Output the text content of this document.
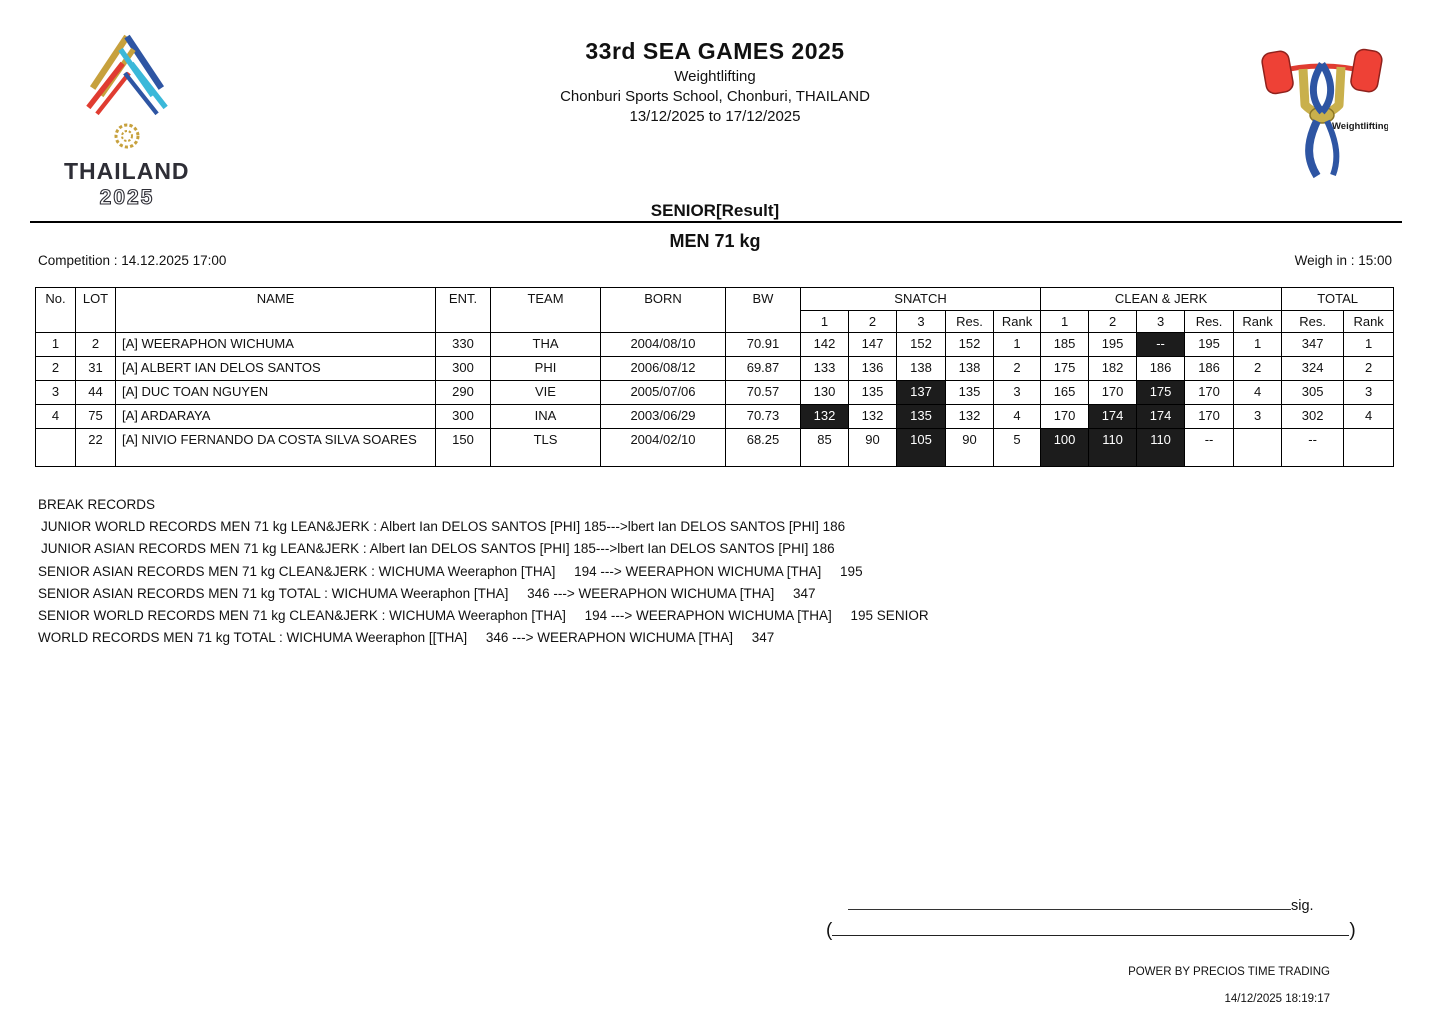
THAILAND
2025
33rd SEA GAMES 2025
Weightlifting
Chonburi Sports School, Chonburi, THAILAND
13/12/2025 to 17/12/2025
Weightlifting
SENIOR[Result]
MEN 71 kg
Competition : 14.12.2025 17:00	Weigh in : 15:00
No.	LOT	NAME	ENT.	TEAM	BORN	BW	SNATCH					CLEAN & JERK					TOTAL	
							1	2	3	Res.	Rank	1	2	3	Res.	Rank	Res.	Rank
1	2	[A] WEERAPHON WICHUMA	330	THA	2004/08/10	70.91	142	147	152	152	1	185	195	--	195	1	347	1
2	31	[A] ALBERT IAN DELOS SANTOS	300	PHI	2006/08/12	69.87	133	136	138	138	2	175	182	186	186	2	324	2
3	44	[A] DUC TOAN NGUYEN	290	VIE	2005/07/06	70.57	130	135	137	135	3	165	170	175	170	4	305	3
4	75	[A] ARDARAYA	300	INA	2003/06/29	70.73	132	132	135	132	4	170	174	174	170	3	302	4
	22	[A] NIVIO FERNANDO DA COSTA SILVA SOARES	150	TLS	2004/02/10	68.25	85	90	105	90	5	100	110	110	--		--	
BREAK RECORDS
JUNIOR WORLD RECORDS MEN 71 kg LEAN&JERK : Albert Ian DELOS SANTOS [PHI] 185--->lbert Ian DELOS SANTOS [PHI] 186
JUNIOR ASIAN RECORDS MEN 71 kg LEAN&JERK : Albert Ian DELOS SANTOS [PHI] 185--->lbert Ian DELOS SANTOS [PHI] 186
SENIOR ASIAN RECORDS MEN 71 kg CLEAN&JERK : WICHUMA Weeraphon [THA]     194 ---> WEERAPHON WICHUMA [THA]     195
SENIOR ASIAN RECORDS MEN 71 kg TOTAL : WICHUMA Weeraphon [THA]     346 ---> WEERAPHON WICHUMA [THA]     347
SENIOR WORLD RECORDS MEN 71 kg CLEAN&JERK : WICHUMA Weeraphon [THA]     194 ---> WEERAPHON WICHUMA [THA]     195 SENIOR
WORLD RECORDS MEN 71 kg TOTAL : WICHUMA Weeraphon [[THA]     346 ---> WEERAPHON WICHUMA [THA]     347
sig.
(	)
POWER BY PRECIOS TIME TRADING
14/12/2025 18:19:17
